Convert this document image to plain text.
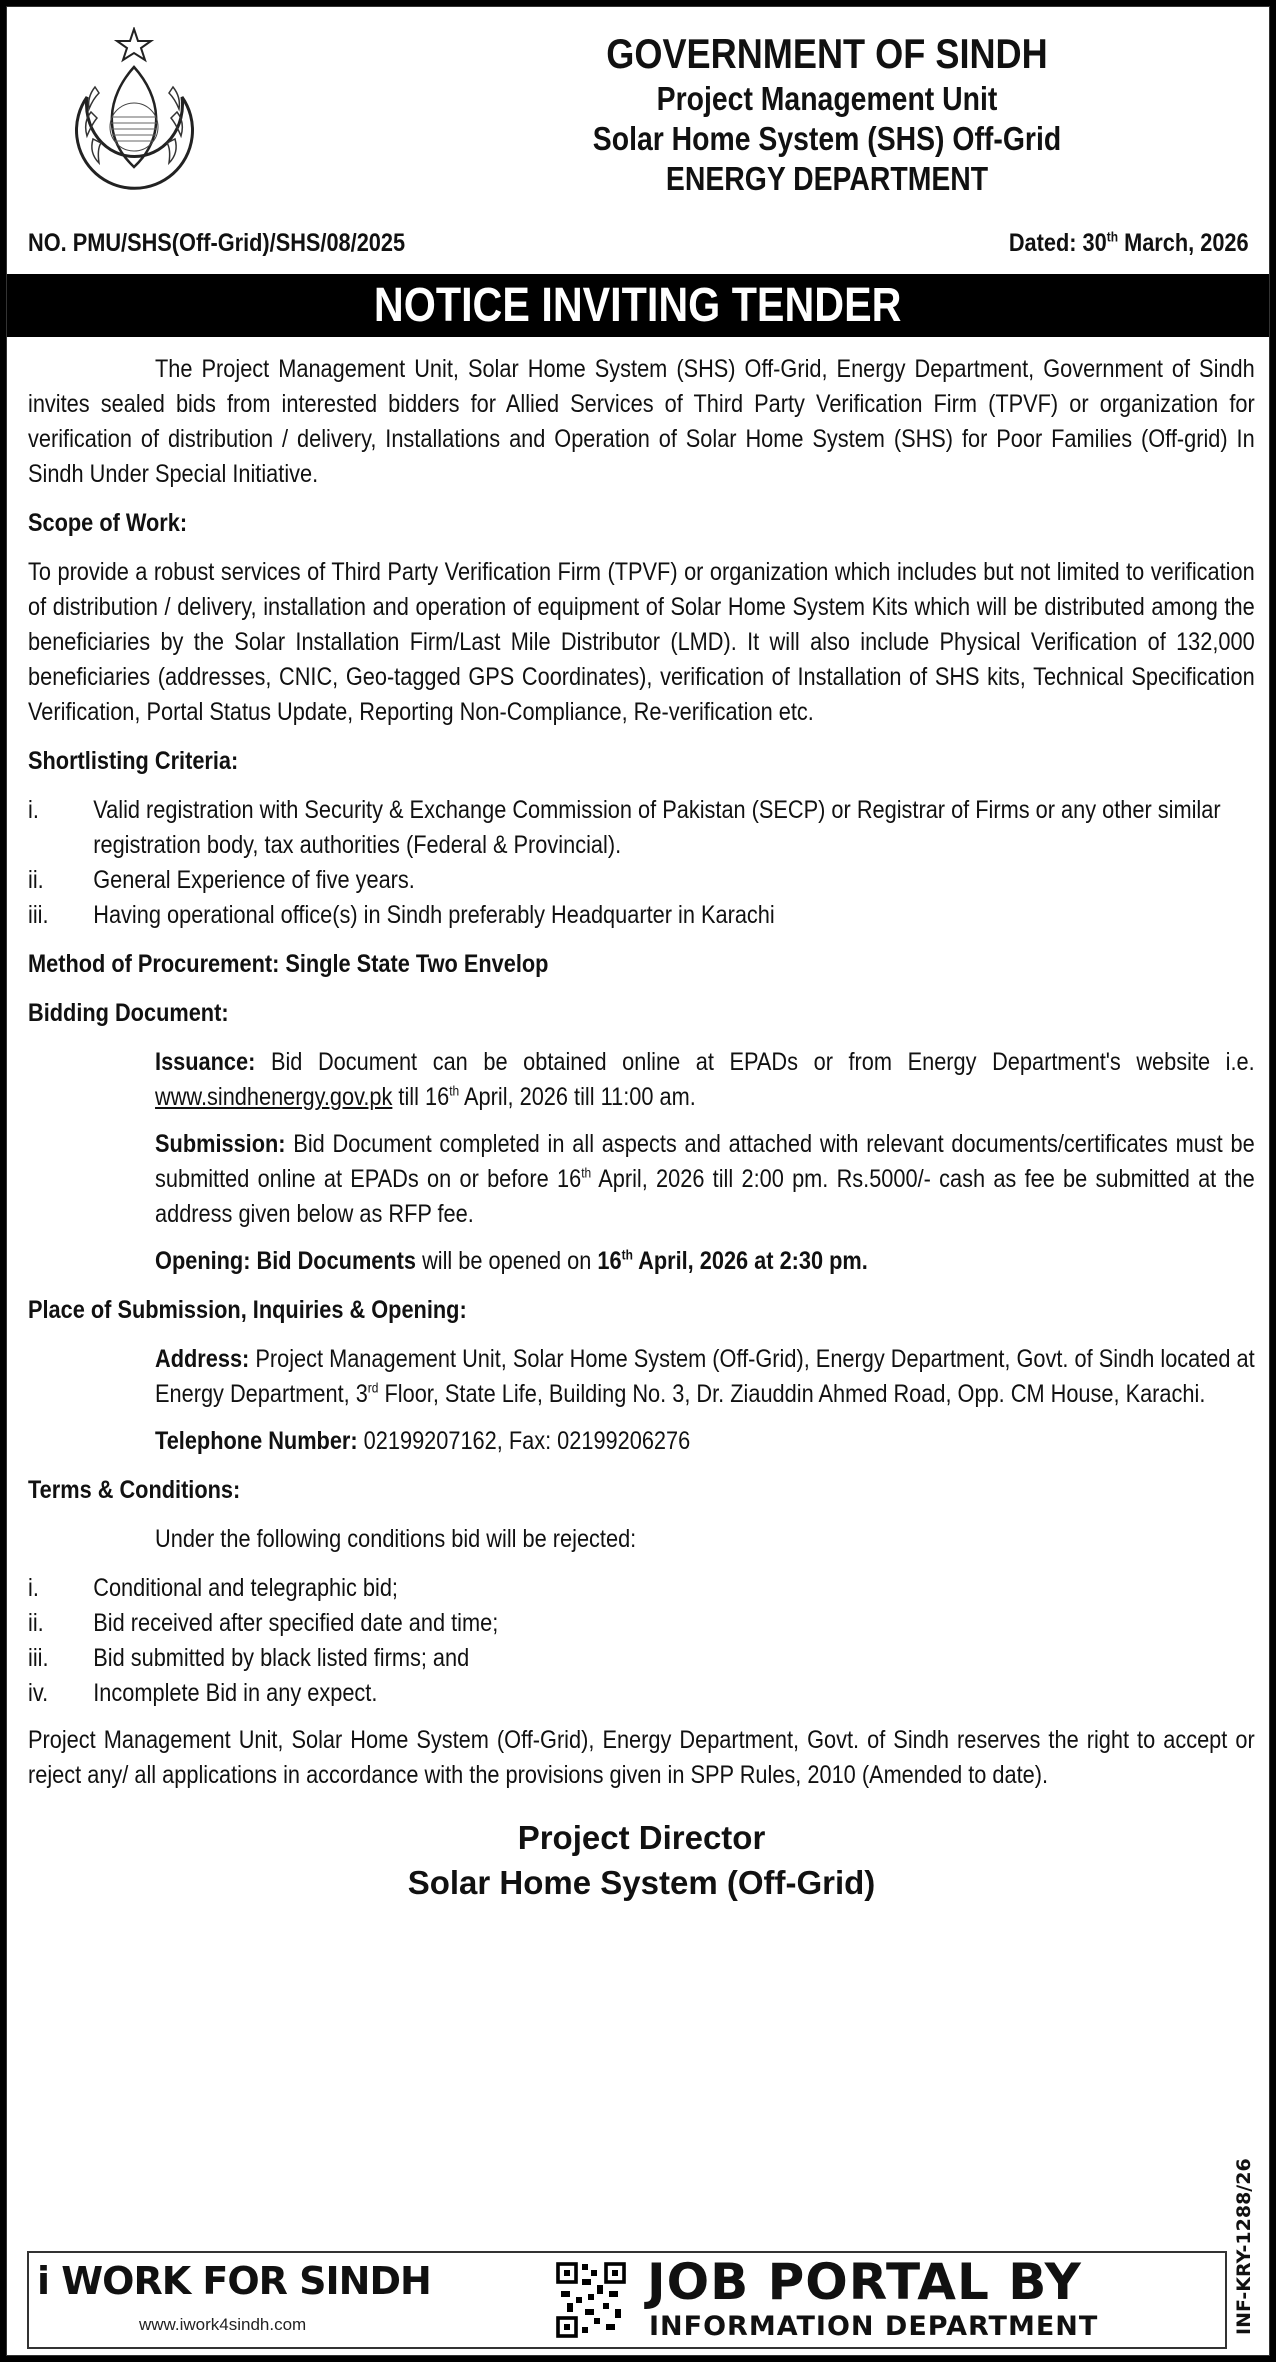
GOVERNMENT OF SINDH
Project Management Unit
Solar Home System (SHS) Off-Grid
ENERGY DEPARTMENT
NO. PMU/SHS(Off-Grid)/SHS/08/2025	Dated: 30th March, 2026
NOTICE INVITING TENDER
The Project Management Unit, Solar Home System (SHS) Off-Grid, Energy Department, Government of Sindh invites sealed bids from interested bidders for Allied Services of Third Party Verification Firm (TPVF) or organization for verification of distribution / delivery, Installations and Operation of Solar Home System (SHS) for Poor Families (Off-grid) In Sindh Under Special Initiative.
Scope of Work:
To provide a robust services of Third Party Verification Firm (TPVF) or organization which includes but not limited to verification of distribution / delivery, installation and operation of equipment of Solar Home System Kits which will be distributed among the beneficiaries by the Solar Installation Firm/Last Mile Distributor (LMD). It will also include Physical Verification of 132,000 beneficiaries (addresses, CNIC, Geo-tagged GPS Coordinates), verification of Installation of SHS kits, Technical Specification Verification, Portal Status Update, Reporting Non-Compliance, Re-verification etc.
Shortlisting Criteria:
i. Valid registration with Security & Exchange Commission of Pakistan (SECP) or Registrar of Firms or any other similar registration body, tax authorities (Federal & Provincial).
ii. General Experience of five years.
iii. Having operational office(s) in Sindh preferably Headquarter in Karachi
Method of Procurement: Single State Two Envelop
Bidding Document:
Issuance: Bid Document can be obtained online at EPADs or from Energy Department's website i.e. www.sindhenergy.gov.pk till 16th April, 2026 till 11:00 am.
Submission: Bid Document completed in all aspects and attached with relevant documents/certificates must be submitted online at EPADs on or before 16th April, 2026 till 2:00 pm. Rs.5000/- cash as fee be submitted at the address given below as RFP fee.
Opening: Bid Documents will be opened on 16th April, 2026 at 2:30 pm.
Place of Submission, Inquiries & Opening:
Address: Project Management Unit, Solar Home System (Off-Grid), Energy Department, Govt. of Sindh located at Energy Department, 3rd Floor, State Life, Building No. 3, Dr. Ziauddin Ahmed Road, Opp. CM House, Karachi.
Telephone Number: 02199207162, Fax: 02199206276
Terms & Conditions:
Under the following conditions bid will be rejected:
i. Conditional and telegraphic bid;
ii. Bid received after specified date and time;
iii. Bid submitted by black listed firms; and
iv. Incomplete Bid in any expect.
Project Management Unit, Solar Home System (Off-Grid), Energy Department, Govt. of Sindh reserves the right to accept or reject any/ all applications in accordance with the provisions given in SPP Rules, 2010 (Amended to date).
Project Director
Solar Home System (Off-Grid)
INF-KRY-1288/26
i WORK FOR SINDH
www.iwork4sindh.com
JOB PORTAL BY
INFORMATION DEPARTMENT
